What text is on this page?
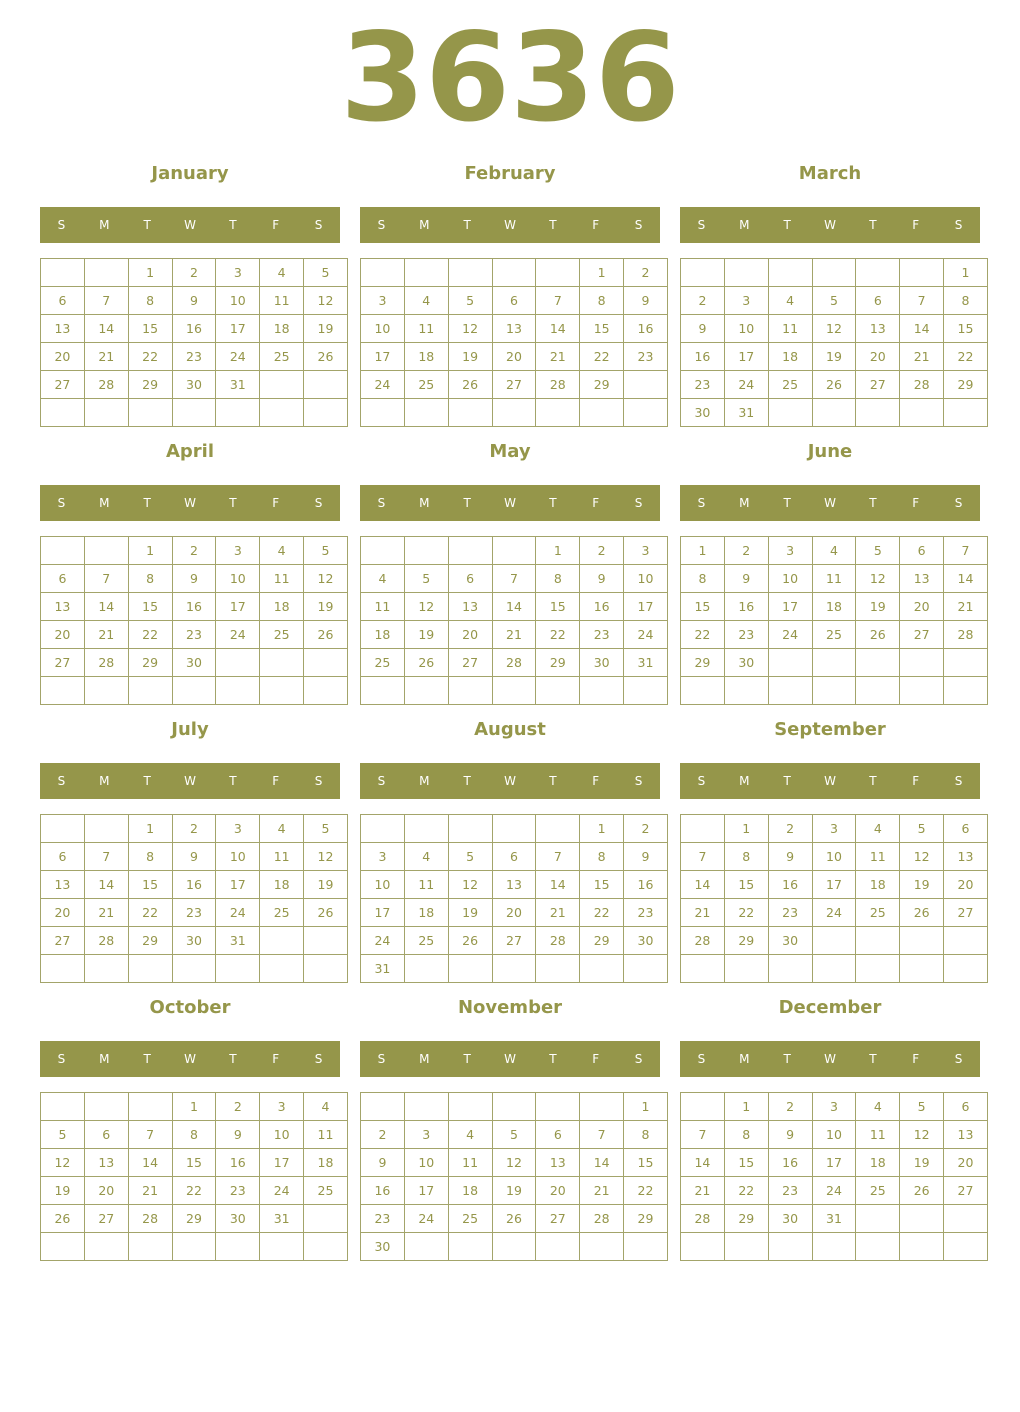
3636
January
S	M	T	W	T	F	S
		1	2	3	4	5
6	7	8	9	10	11	12
13	14	15	16	17	18	19
20	21	22	23	24	25	26
27	28	29	30	31		

February
S	M	T	W	T	F	S
					1	2
3	4	5	6	7	8	9
10	11	12	13	14	15	16
17	18	19	20	21	22	23
24	25	26	27	28	29	

March
S	M	T	W	T	F	S
						1
2	3	4	5	6	7	8
9	10	11	12	13	14	15
16	17	18	19	20	21	22
23	24	25	26	27	28	29
30	31					
April
S	M	T	W	T	F	S
		1	2	3	4	5
6	7	8	9	10	11	12
13	14	15	16	17	18	19
20	21	22	23	24	25	26
27	28	29	30			

May
S	M	T	W	T	F	S
				1	2	3
4	5	6	7	8	9	10
11	12	13	14	15	16	17
18	19	20	21	22	23	24
25	26	27	28	29	30	31

June
S	M	T	W	T	F	S
1	2	3	4	5	6	7
8	9	10	11	12	13	14
15	16	17	18	19	20	21
22	23	24	25	26	27	28
29	30					

July
S	M	T	W	T	F	S
		1	2	3	4	5
6	7	8	9	10	11	12
13	14	15	16	17	18	19
20	21	22	23	24	25	26
27	28	29	30	31		

August
S	M	T	W	T	F	S
					1	2
3	4	5	6	7	8	9
10	11	12	13	14	15	16
17	18	19	20	21	22	23
24	25	26	27	28	29	30
31						
September
S	M	T	W	T	F	S
	1	2	3	4	5	6
7	8	9	10	11	12	13
14	15	16	17	18	19	20
21	22	23	24	25	26	27
28	29	30				

October
S	M	T	W	T	F	S
			1	2	3	4
5	6	7	8	9	10	11
12	13	14	15	16	17	18
19	20	21	22	23	24	25
26	27	28	29	30	31	

November
S	M	T	W	T	F	S
						1
2	3	4	5	6	7	8
9	10	11	12	13	14	15
16	17	18	19	20	21	22
23	24	25	26	27	28	29
30						
December
S	M	T	W	T	F	S
	1	2	3	4	5	6
7	8	9	10	11	12	13
14	15	16	17	18	19	20
21	22	23	24	25	26	27
28	29	30	31			
